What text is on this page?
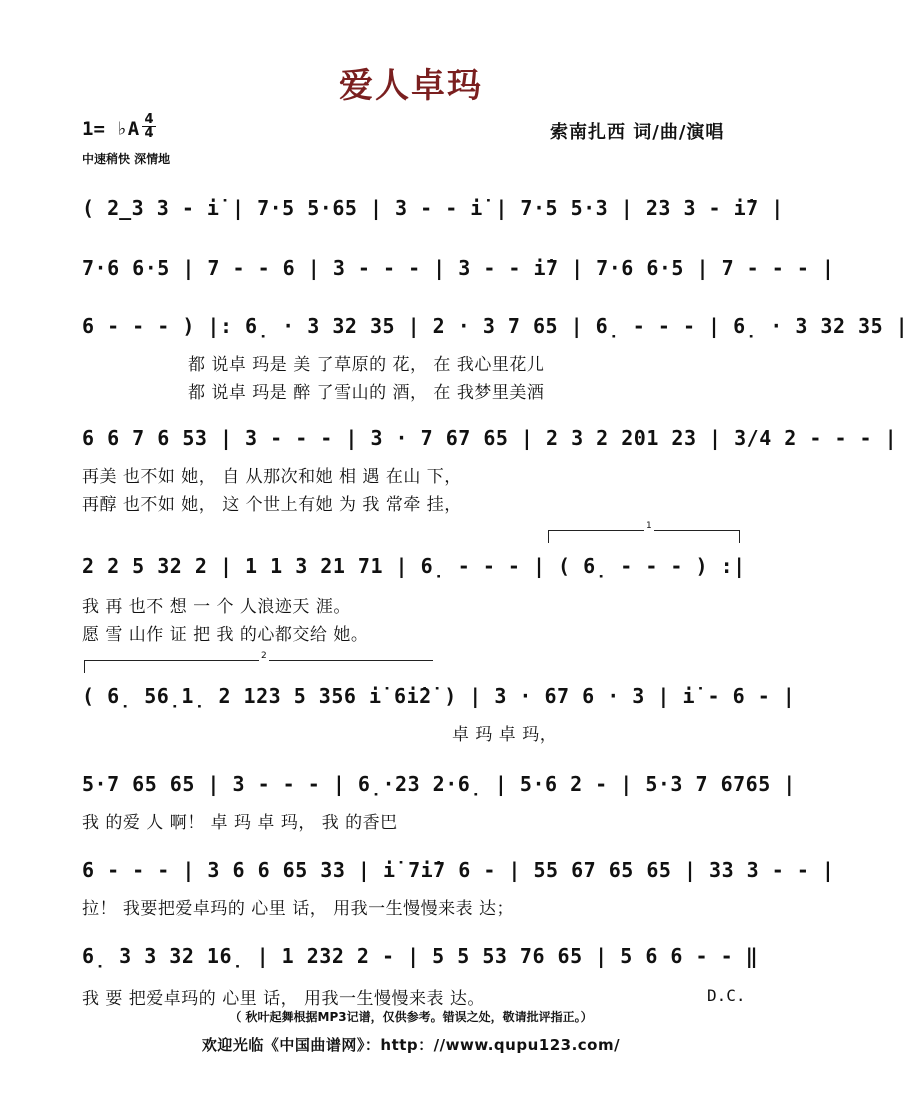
爱人卓玛
1= ♭A 4
4
中速稍快 深情地
索南扎西 词/曲/演唱
( 2̲3 3 - i̇ | 7·5 5·65 | 3 - - i̇ | 7·5 5·3 | 23 3 - i̇7 |
7·6 6·5 | 7 - - 6 | 3 - - - | 3 - - i̇7 | 7·6 6·5 | 7 - - - |
6 - - - ) |: 6̣ · 3 32 35 | 2 · 3 7 65 | 6̣ - - - | 6̣ · 3 32 35 |
都 说卓 玛是 美 了草原的 花， 在 我心里花儿
都 说卓 玛是 醉 了雪山的 酒， 在 我梦里美酒
6 6 7 6 53 | 3 - - - | 3 · 7 67 65 | 2 3 2 201 23 | 3/4 2 - - - |
再美 也不如 她， 自 从那次和她 相 遇 在山 下，
再醇 也不如 她， 这 个世上有她 为 我 常牵 挂，
1
2 2 5 32 2 | 1 1 3 21 71 | 6̣ - - - | ( 6̣ - - - ) :|
我 再 也不 想 一 个 人浪迹天 涯。
愿 雪 山作 证 把 我 的心都交给 她。
2
( 6̣ 56̣1̣ 2 123 5 356 i̇ 6i̇2̇ ) | 3 · 67 6 · 3 | i̇ - 6 - |
卓 玛 卓 玛，
5·7 65 65 | 3 - - - | 6̣·23 2·6̣ | 5·6 2 - | 5·3 7 6765 |
我 的爱 人 啊！ 卓 玛 卓 玛， 我 的香巴
6 - - - | 3 6 6 65 33 | i̇ 7i̇7 6 - | 55 67 65 65 | 33 3 - - |
拉！ 我要把爱卓玛的 心里 话， 用我一生慢慢来表 达；
6̣ 3 3 32 16̣ | 1 232 2 - | 5 5 53 76 65 | 5 6 6 - - ‖
我 要 把爱卓玛的 心里 话， 用我一生慢慢来表 达。	D.C.
（ 秋叶起舞根据MP3记谱，仅供参考。错误之处，敬请批评指正。）
欢迎光临《中国曲谱网》：http：//www.qupu123.com/
